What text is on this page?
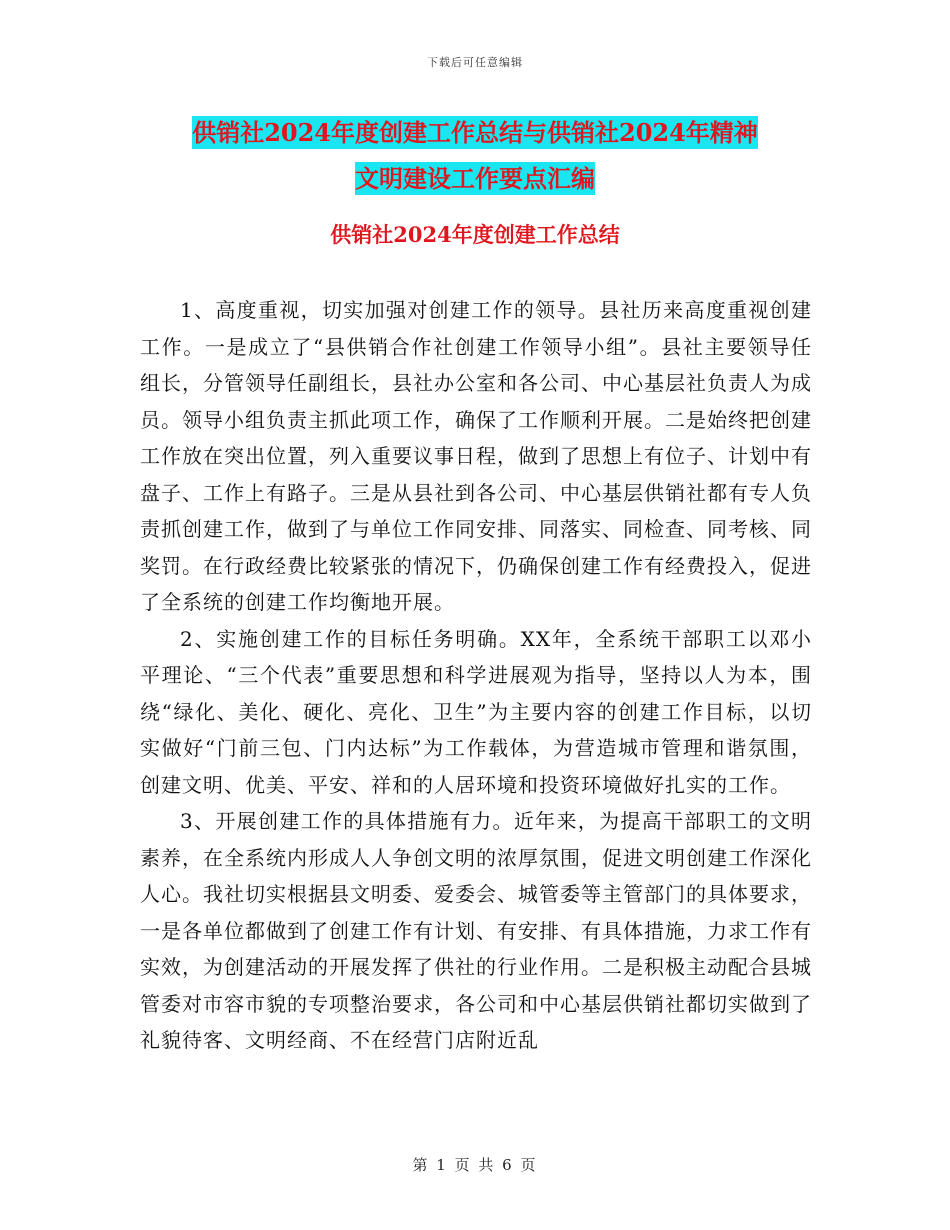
下载后可任意编辑
供销社2024年度创建工作总结与供销社2024年精神
文明建设工作要点汇编
供销社2024年度创建工作总结

1、高度重视，切实加强对创建工作的领导。县社历来高度重视创建工作。一是成立了“县供销合作社创建工作领导小组”。县社主要领导任组长，分管领导任副组长，县社办公室和各公司、中心基层社负责人为成员。领导小组负责主抓此项工作，确保了工作顺利开展。二是始终把创建工作放在突出位置，列入重要议事日程，做到了思想上有位子、计划中有盘子、工作上有路子。三是从县社到各公司、中心基层供销社都有专人负责抓创建工作，做到了与单位工作同安排、同落实、同检查、同考核、同奖罚。在行政经费比较紧张的情况下，仍确保创建工作有经费投入，促进了全系统的创建工作均衡地开展。

2、实施创建工作的目标任务明确。XX年，全系统干部职工以邓小平理论、“三个代表”重要思想和科学进展观为指导，坚持以人为本，围绕“绿化、美化、硬化、亮化、卫生”为主要内容的创建工作目标，以切实做好“门前三包、门内达标”为工作载体，为营造城市管理和谐氛围，创建文明、优美、平安、祥和的人居环境和投资环境做好扎实的工作。

3、开展创建工作的具体措施有力。近年来，为提高干部职工的文明素养，在全系统内形成人人争创文明的浓厚氛围，促进文明创建工作深化人心。我社切实根据县文明委、爱委会、城管委等主管部门的具体要求，一是各单位都做到了创建工作有计划、有安排、有具体措施，力求工作有实效，为创建活动的开展发挥了供社的行业作用。二是积极主动配合县城管委对市容市貌的专项整治要求，各公司和中心基层供销社都切实做到了礼貌待客、文明经商、不在经营门店附近乱

第 1 页 共 6 页
